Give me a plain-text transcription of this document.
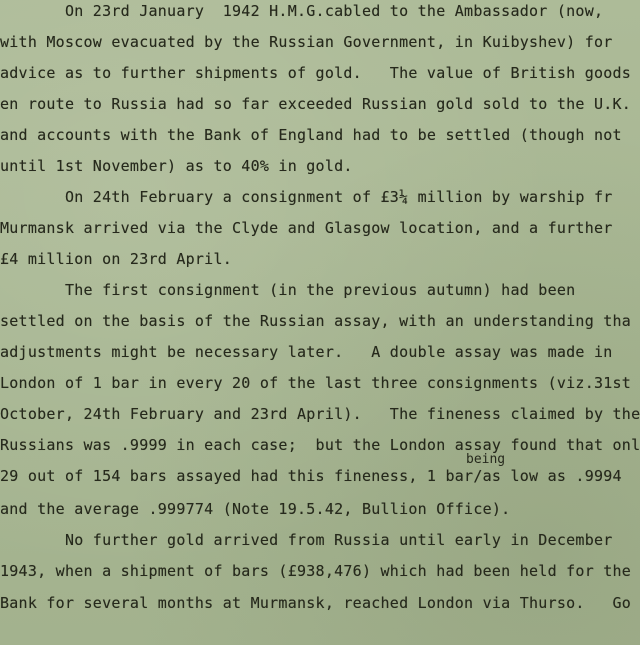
On 23rd January  1942 H.M.G.cabled to the Ambassador (now,
with Moscow evacuated by the Russian Government, in Kuibyshev) for
advice as to further shipments of gold.   The value of British goods
en route to Russia had so far exceeded Russian gold sold to the U.K.
and accounts with the Bank of England had to be settled (though not
until 1st November) as to 40% in gold.
On 24th February a consignment of £3¼ million by warship fr
Murmansk arrived via the Clyde and Glasgow location, and a further
£4 million on 23rd April.
The first consignment (in the previous autumn) had been
settled on the basis of the Russian assay, with an understanding tha
adjustments might be necessary later.   A double assay was made in
London of 1 bar in every 20 of the last three consignments (viz.31st
October, 24th February and 23rd April).   The fineness claimed by the
Russians was .9999 in each case;  but the London assay found that onl
being
29 out of 154 bars assayed had this fineness, 1 bar/as low as .9994
and the average .999774 (Note 19.5.42, Bullion Office).
No further gold arrived from Russia until early in December
1943, when a shipment of bars (£938,476) which had been held for the
Bank for several months at Murmansk, reached London via Thurso.   Go
